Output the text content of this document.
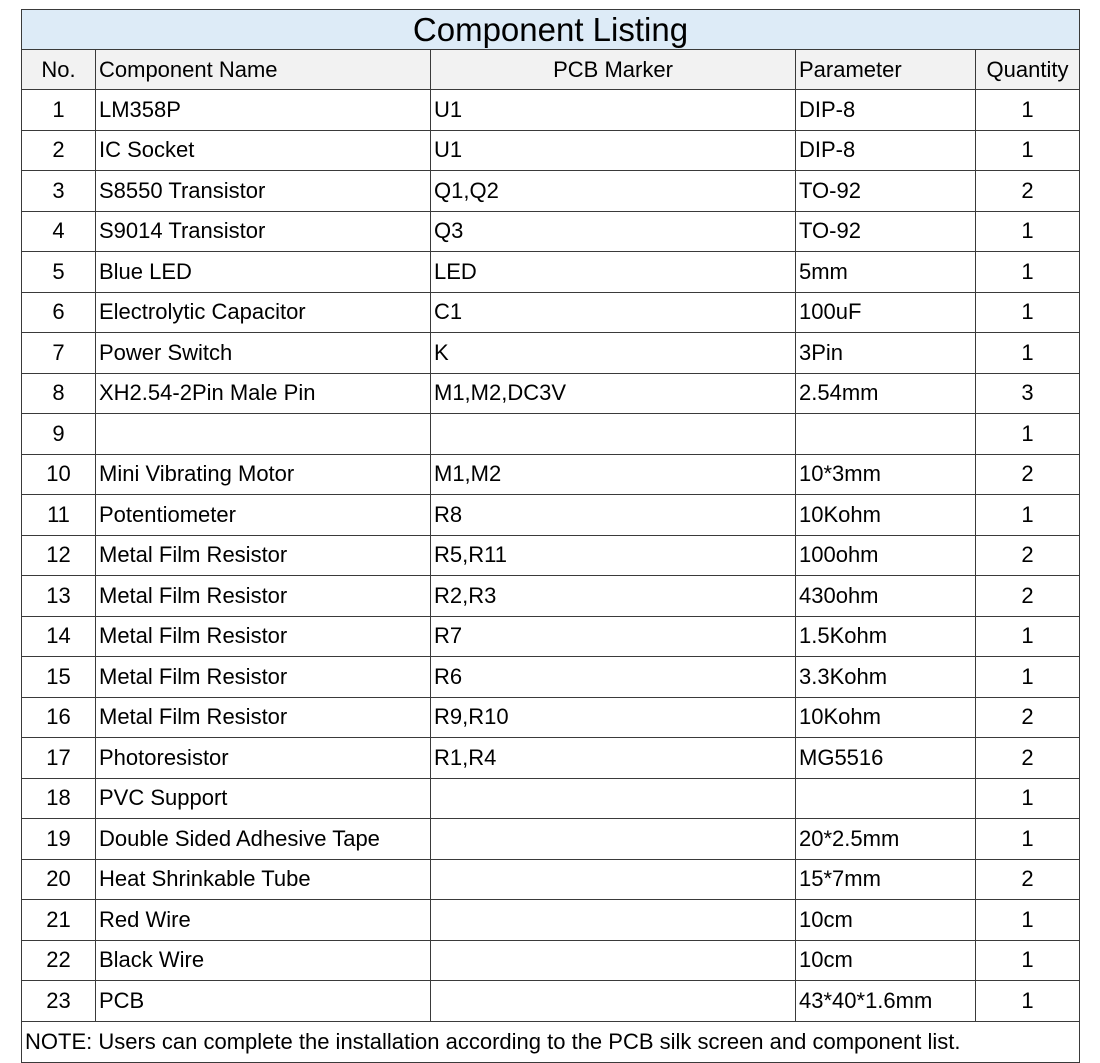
Component Listing				
No.	Component Name	PCB Marker	Parameter	Quantity
1	LM358P	U1	DIP-8	1
2	IC Socket	U1	DIP-8	1
3	S8550 Transistor	Q1,Q2	TO-92	2
4	S9014 Transistor	Q3	TO-92	1
5	Blue LED	LED	5mm	1
6	Electrolytic Capacitor	C1	100uF	1
7	Power Switch	K	3Pin	1
8	XH2.54-2Pin Male Pin	M1,M2,DC3V	2.54mm	3
9				1
10	Mini Vibrating Motor	M1,M2	10*3mm	2
11	Potentiometer	R8	10Kohm	1
12	Metal Film Resistor	R5,R11	100ohm	2
13	Metal Film Resistor	R2,R3	430ohm	2
14	Metal Film Resistor	R7	1.5Kohm	1
15	Metal Film Resistor	R6	3.3Kohm	1
16	Metal Film Resistor	R9,R10	10Kohm	2
17	Photoresistor	R1,R4	MG5516	2
18	PVC Support			1
19	Double Sided Adhesive Tape		20*2.5mm	1
20	Heat Shrinkable Tube		15*7mm	2
21	Red Wire		10cm	1
22	Black Wire		10cm	1
23	PCB		43*40*1.6mm	1
NOTE: Users can complete the installation according to the PCB silk screen and component list.				
